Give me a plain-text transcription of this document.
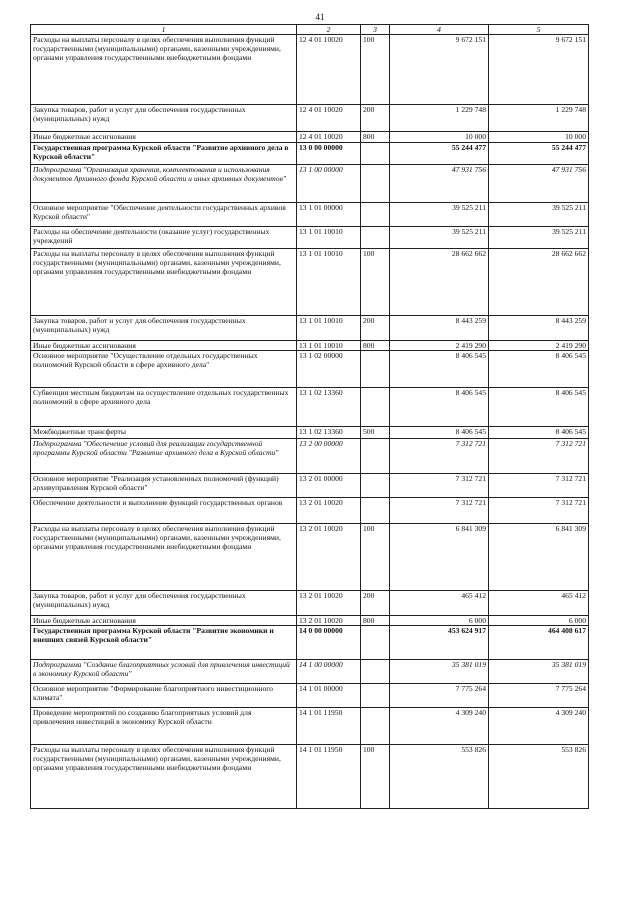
41
1	2	3	4	5
Расходы на выплаты персоналу в целях обеспечения выполнения функций государственными (муниципальными) органами, казенными учреждениями, органами управления государственными внебюджетными фондами	12 4 01 10020	100	9 672 151	9 672 151
Закупка товаров, работ и услуг для обеспечения государственных (муниципальных) нужд	12 4 01 10020	200	1 229 748	1 229 748
Иные бюджетные ассигнования	12 4 01 10020	800	10 000	10 000
Государственная программа Курской области "Развитие архивного дела в Курской области"	13 0 00 00000		55 244 477	55 244 477
Подпрограмма "Организация хранения, комплектования и использования документов Архивного фонда Курской области и иных архивных документов"	13 1 00 00000		47 931 756	47 931 756
Основное мероприятие "Обеспечение деятельности государственных архивов Курской области"	13 1 01 00000		39 525 211	39 525 211
Расходы на обеспечение деятельности (оказание услуг) государственных учреждений	13 1 01 10010		39 525 211	39 525 211
Расходы на выплаты персоналу в целях обеспечения выполнения функций государственными (муниципальными) органами, казенными учреждениями, органами управления государственными внебюджетными фондами	13 1 01 10010	100	28 662 662	28 662 662
Закупка товаров, работ и услуг для обеспечения государственных (муниципальных) нужд	13 1 01 10010	200	8 443 259	8 443 259
Иные бюджетные ассигнования	13 1 01 10010	800	2 419 290	2 419 290
Основное мероприятие "Осуществление отдельных государственных полномочий Курской области в сфере архивного дела"	13 1 02 00000		8 406 545	8 406 545
Субвенции местным бюджетам на осуществление отдельных государственных полномочий в сфере архивного дела	13 1 02 13360		8 406 545	8 406 545
Межбюджетные трансферты	13 1 02 13360	500	8 406 545	8 406 545
Подпрограмма "Обеспечение условий для реализации государственной программы Курской области "Развитие архивного дела в Курской области"	13 2 00 00000		7 312 721	7 312 721
Основное мероприятие "Реализация установленных полномочий (функций) архивуправления Курской области"	13 2 01 00000		7 312 721	7 312 721
Обеспечение деятельности и выполнение функций государственных органов	13 2 01 10020		7 312 721	7 312 721
Расходы на выплаты персоналу в целях обеспечения выполнения функций государственными (муниципальными) органами, казенными учреждениями, органами управления государственными внебюджетными фондами	13 2 01 10020	100	6 841 309	6 841 309
Закупка товаров, работ и услуг для обеспечения государственных (муниципальных) нужд	13 2 01 10020	200	465 412	465 412
Иные бюджетные ассигнования	13 2 01 10020	800	6 000	6 000
Государственная программа Курской области "Развитие экономики и внешних связей Курской области"	14 0 00 00000		453 624 917	464 408 617
Подпрограмма "Создание благоприятных условий для привлечения инвестиций в экономику Курской области"	14 1 00 00000		35 381 019	35 381 019
Основное мероприятие "Формирование благоприятного инвестиционного климата"	14 1 01 00000		7 775 264	7 775 264
Проведение мероприятий по созданию благоприятных условий для привлечения инвестиций в экономику Курской области	14 1 01 11950		4 309 240	4 309 240
Расходы на выплаты персоналу в целях обеспечения выполнения функций государственными (муниципальными) органами, казенными учреждениями, органами управления государственными внебюджетными фондами	14 1 01 11950	100	553 826	553 826
